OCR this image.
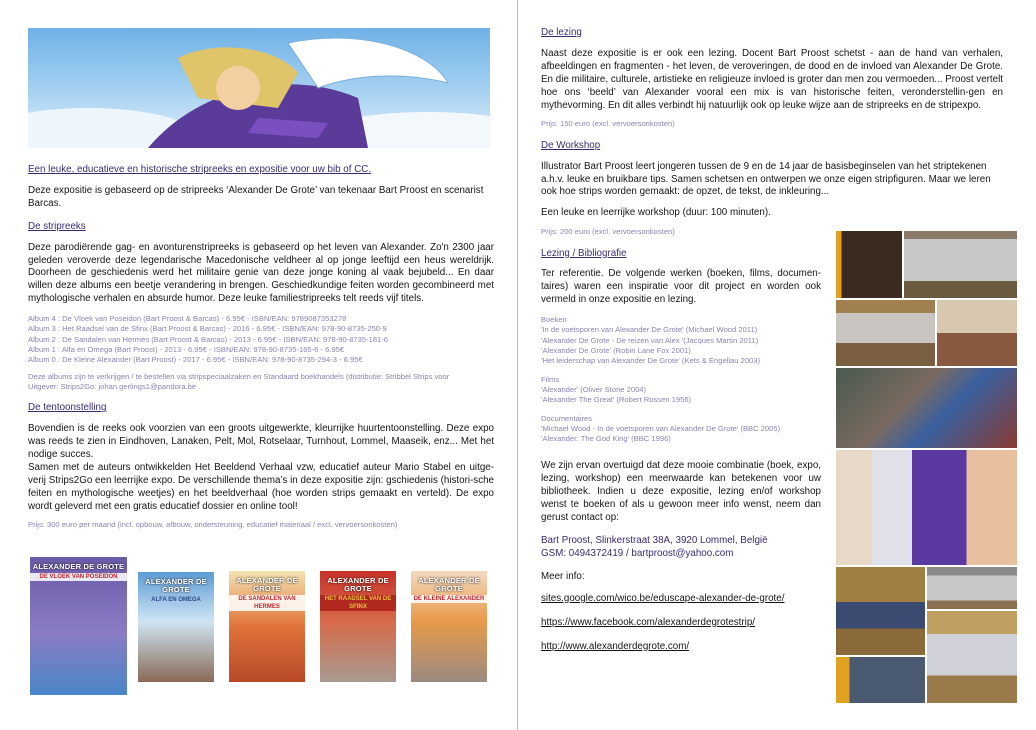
Een leuke, educatieve en historische stripreeks en expositie voor uw bib of CC.
Deze expositie is gebaseerd op de stripreeks ‘Alexander De Grote’ van tekenaar Bart Proost en scenarist Barcas.
De stripreeks
Deze parodiërende gag- en avonturenstripreeks is gebaseerd op het leven van Alexander. Zo'n 2300 jaar geleden veroverde deze legendarische Macedonische veldheer al op jonge leeftijd een heus wereldrijk. Doorheen de geschiedenis werd het militaire genie van deze jonge koning al vaak bejubeld... En daar willen deze albums een beetje verandering in brengen. Geschiedkundige feiten worden gecombineerd met mythologische verhalen en absurde humor. Deze leuke familiestripreeks telt reeds vijf titels.
Album 4 : De Vloek van Poseidon (Bart Proost & Barcas) - 6.95€ - ISBN/EAN: 9789087353278
Album 3 : Het Raadsel van de Sfinx (Bart Proost & Barcas) - 2016 - 6.95€ - ISBN/EAN: 978-90-8735-250-9
Album 2 : De Sandalen van Hermes (Bart Proost & Barcas) - 2013 - 6.95€ - ISBN/EAN: 978-90-8735-181-6
Album 1 : Alfa en Omega (Bart Proost) - 2013 - 6.95€ - ISBN/EAN: 978-90-8735-165-6 - 6.95€
Album 0 : De Kleine Alexander (Bart Proost) - 2017 - 6.95€ - ISBN/EAN: 978-90-8735-294-3 - 6.95€
Deze albums zijn te verkrijgen / te bestellen via stripspeciaalzaken en Standaard boekhandels (distributie: Stribbel Strips voor Uitgever: Strips2Go: johan.gerlings1@pandora.be .
De tentoonstelling
Bovendien is de reeks ook voorzien van een groots uitgewerkte, kleurrijke huurtentoonstelling. Deze expo was reeds te zien in Eindhoven, Lanaken, Pelt, Mol, Rotselaar, Turnhout, Lommel, Maaseik, enz... Met het nodige succes.
Samen met de auteurs ontwikkelden Het Beeldend Verhaal vzw, educatief auteur Mario Stabel en uitge-verij Strips2Go een leerrijke expo. De verschillende thema’s in deze expositie zijn: gschiedenis (histori-sche feiten en mythologische weetjes) en het beeldverhaal (hoe worden strips gemaakt en verteld). De expo wordt geleverd met een gratis educatief dossier en online tool!
Prijs: 300 euro per maand (incl. opbouw, afbouw, ondersteuning, educatief materiaal / excl. vervoersonkosten)
ALEXANDER DE GROTE
DE VLOEK VAN POSEIDON	ALEXANDER DE GROTE
ALFA EN OMEGA
ALEXANDER DE GROTE
DE SANDALEN VAN HERMES
ALEXANDER DE GROTE
HET RAADSEL VAN DE SFINX
ALEXANDER DE GROTE
DE KLEINE ALEXANDER
De lezing
Naast deze expositie is er ook een lezing. Docent Bart Proost schetst - aan de hand van verhalen, afbeeldingen en fragmenten - het leven, de veroveringen, de dood en de invloed van Alexander De Grote. En die militaire, culturele, artistieke en religieuze invloed is groter dan men zou vermoeden... Proost vertelt hoe ons ‘beeld’ van Alexander vooral een mix is van historische feiten, veronderstellin-gen en mythevorming. En dit alles verbindt hij natuurlijk ook op leuke wijze aan de stripreeks en de stripexpo.
Prijs: 150 euro (excl. vervoersonkosten)
De Workshop
Illustrator Bart Proost leert jongeren tussen de 9 en de 14 jaar de basisbeginselen van het striptekenen a.h.v. leuke en bruikbare tips. Samen schetsen en ontwerpen we onze eigen stripfiguren. Maar we leren ook hoe strips worden gemaakt: de opzet, de tekst, de inkleuring...
Een leuke en leerrijke workshop (duur: 100 minuten).
Prijs: 200 euro (excl. vervoersonkosten)
Lezing / Bibliografie
Ter referentie. De volgende werken (boeken, films, documen-taires) waren een inspiratie voor dit project en worden ook vermeld in onze expositie en lezing.
Boeken
'In de voetsporen van Alexander De Grote' (Michael Wood 2011)
'Alexander De Grote - De reizen van Alex '(Jacques Martin 2011)
'Alexander De Grote' (Robin Lane Fox 2001)
'Het leiderschap van Alexander De Grote' (Kets & Engellau 2003)
Films
'Alexander' (Oliver Stone 2004)
'Alexander The Great' (Robert Rossen 1956)
Documentaires
'Michael Wood - In de voetsporen van Alexander De Grote' (BBC 2005)
'Alexander: The God King' (BBC 1996)
We zijn ervan overtuigd dat deze mooie combinatie (boek, expo, lezing, workshop) een meerwaarde kan betekenen voor uw bibliotheek. Indien u deze expositie, lezing en/of workshop wenst te boeken of als u gewoon meer info wenst, neem dan gerust contact op:
Bart Proost, Slinkerstraat 38A, 3920 Lommel, België
GSM: 0494372419 / bartproost@yahoo.com
Meer info:
sites.google.com/wico.be/eduscape-alexander-de-grote/
https://www.facebook.com/alexanderdegrotestrip/
http://www.alexanderdegrote.com/
